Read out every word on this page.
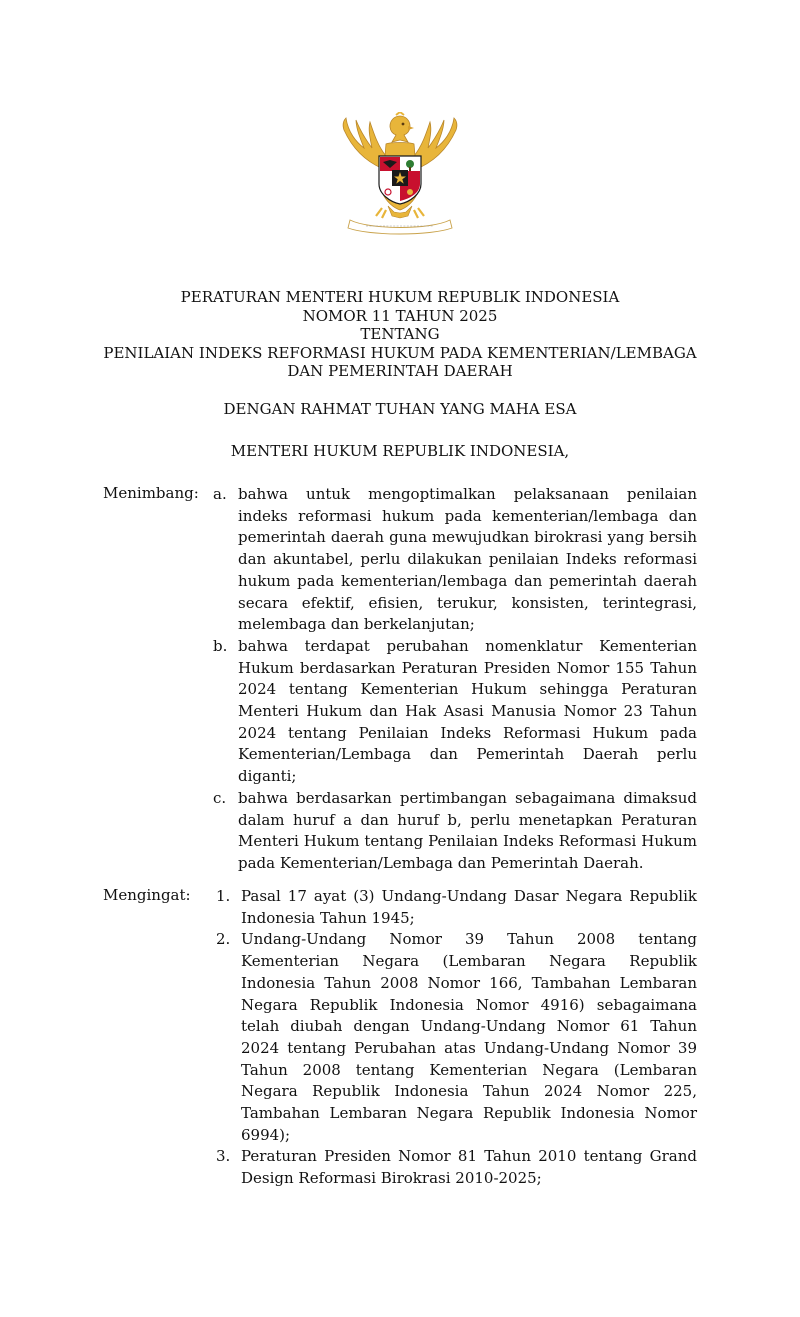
PERATURAN MENTERI HUKUM REPUBLIK INDONESIA
NOMOR 11 TAHUN 2025
TENTANG
PENILAIAN INDEKS REFORMASI HUKUM PADA KEMENTERIAN/LEMBAGA
DAN PEMERINTAH DAERAH
DENGAN RAHMAT TUHAN YANG MAHA ESA
MENTERI HUKUM REPUBLIK INDONESIA,
Menimbang: a. bahwa untuk mengoptimalkan pelaksanaan penilaian indeks reformasi hukum pada kementerian/lembaga dan pemerintah daerah guna mewujudkan birokrasi yang bersih dan akuntabel, perlu dilakukan penilaian Indeks reformasi hukum pada kementerian/lembaga dan pemerintah daerah secara efektif, efisien, terukur, konsisten, terintegrasi, melembaga dan berkelanjutan;
b. bahwa terdapat perubahan nomenklatur Kementerian Hukum berdasarkan Peraturan Presiden Nomor 155 Tahun 2024 tentang Kementerian Hukum sehingga Peraturan Menteri Hukum dan Hak Asasi Manusia Nomor 23 Tahun 2024 tentang Penilaian Indeks Reformasi Hukum pada Kementerian/Lembaga dan Pemerintah Daerah perlu diganti;
c. bahwa berdasarkan pertimbangan sebagaimana dimaksud dalam huruf a dan huruf b, perlu menetapkan Peraturan Menteri Hukum tentang Penilaian Indeks Reformasi Hukum pada Kementerian/Lembaga dan Pemerintah Daerah.
Mengingat: 1. Pasal 17 ayat (3) Undang-Undang Dasar Negara Republik Indonesia Tahun 1945;
2. Undang-Undang Nomor 39 Tahun 2008 tentang Kementerian Negara (Lembaran Negara Republik Indonesia Tahun 2008 Nomor 166, Tambahan Lembaran Negara Republik Indonesia Nomor 4916) sebagaimana telah diubah dengan Undang-Undang Nomor 61 Tahun 2024 tentang Perubahan atas Undang-Undang Nomor 39 Tahun 2008 tentang Kementerian Negara (Lembaran Negara Republik Indonesia Tahun 2024 Nomor 225, Tambahan Lembaran Negara Republik Indonesia Nomor 6994);
3. Peraturan Presiden Nomor 81 Tahun 2010 tentang Grand Design Reformasi Birokrasi 2010-2025;
